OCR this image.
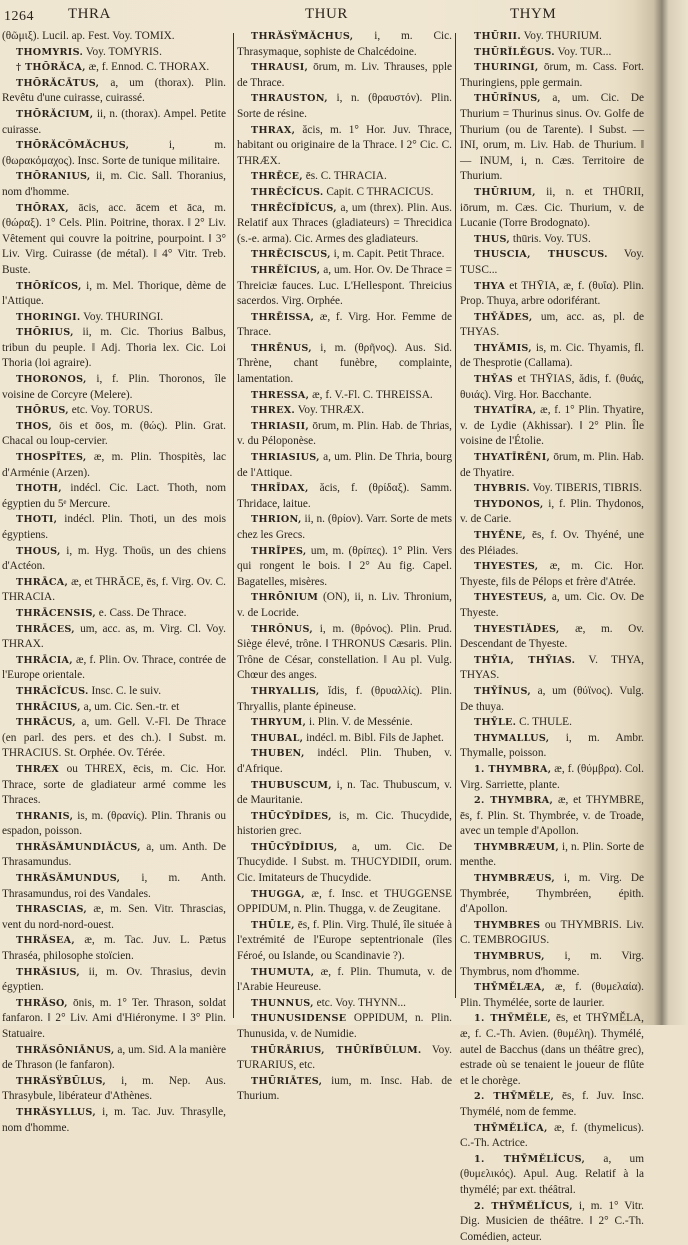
1264 THRA	THUR	THYM

(θῶμιξ). Lucil. ap. Fest. Voy. TOMIX.

THOMYRIS. Voy. TOMYRIS.

† THŌRĂCA, æ, f. Ennod. C. THORAX.

THŌRĂCĀTUS, a, um (thorax). Plin. Revêtu d'une cuirasse, cuirassé.

THŌRĂCIUM, ii, n. (thorax). Ampel. Petite cuirasse.

THŌRĂCŎMĂCHUS, i, m. (θωρακόμαχος). Insc. Sorte de tunique militaire.

THŌRANIUS, ii, m. Cic. Sall. Thoranius, nom d'homme.

THŌRAX, ācis, acc. ācem et āca, m. (θώραξ). 1° Cels. Plin. Poitrine, thorax. ‖ 2° Liv. Vêtement qui couvre la poitrine, pourpoint. ‖ 3° Liv. Virg. Cuirasse (de métal). ‖ 4° Vitr. Treb. Buste.

THŌRĬCOS, i, m. Mel. Thorique, dème de l'Attique.

THORINGI. Voy. THURINGI.

THŌRIUS, ii, m. Cic. Thorius Balbus, tribun du peuple. ‖ Adj. Thoria lex. Cic. Loi Thoria (loi agraire).

THORONOS, i, f. Plin. Thoronos, île voisine de Corcyre (Melere).

THŌRUS, etc. Voy. TORUS.

THOS, ōis et ōos, m. (θώς). Plin. Grat. Chacal ou loup-cervier.

THOSPĪTES, æ, m. Plin. Thospitès, lac d'Arménie (Arzen).

THOTH, indécl. Cic. Lact. Thoth, nom égyptien du 5ᵉ Mercure.

THOTI, indécl. Plin. Thoti, un des mois égyptiens.

THOUS, i, m. Hyg. Thoüs, un des chiens d'Actéon.

THRĀCA, æ, et THRĀCE, ēs, f. Virg. Ov. C. THRACIA.

THRĀCENSIS, e. Cass. De Thrace.

THRĀCES, um, acc. as, m. Virg. Cl. Voy. THRAX.

THRĀCIA, æ, f. Plin. Ov. Thrace, contrée de l'Europe orientale.

THRĀCĬCUS. Insc. C. le suiv.

THRĀCIUS, a, um. Cic. Sen.-tr. et

THRĀCUS, a, um. Gell. V.-Fl. De Thrace (en parl. des pers. et des ch.). ‖ Subst. m. THRACIUS. St. Orphée. Ov. Térée.

THRÆX ou THREX, ēcis, m. Cic. Hor. Thrace, sorte de gladiateur armé comme les Thraces.

THRANIS, is, m. (θρανίς). Plin. Thranis ou espadon, poisson.

THRĂSĂMUNDIĂCUS, a, um. Anth. De Thrasamundus.

THRĂSĂMUNDUS, i, m. Anth. Thrasamundus, roi des Vandales.

THRASCIAS, æ, m. Sen. Vitr. Thrascias, vent du nord-nord-ouest.

THRĂSEA, æ, m. Tac. Juv. L. Pætus Thraséa, philosophe stoïcien.

THRĂSIUS, ii, m. Ov. Thrasius, devin égyptien.

THRĂSO, ōnis, m. 1° Ter. Thrason, soldat fanfaron. ‖ 2° Liv. Ami d'Hiéronyme. ‖ 3° Plin. Statuaire.

THRĂSŌNIĀNUS, a, um. Sid. A la manière de Thrason (le fanfaron).

THRĂSŸBŪLUS, i, m. Nep. Aus. Thrasybule, libérateur d'Athènes.

THRĂSYLLUS, i, m. Tac. Juv. Thrasylle, nom d'homme.

THRĂSŸMĂCHUS, i, m. Cic. Thrasymaque, sophiste de Chalcédoine.

THRAUSI, ōrum, m. Liv. Thrauses, pple de Thrace.

THRAUSTON, i, n. (θραυστόν). Plin. Sorte de résine.

THRAX, ăcis, m. 1° Hor. Juv. Thrace, habitant ou originaire de la Thrace. ‖ 2° Cic. C. THRÆX.

THRĒCE, ēs. C. THRACIA.

THRĒCĬCUS. Capit. C THRACICUS.

THRĒCĬDĬCUS, a, um (threx). Plin. Aus. Relatif aux Thraces (gladiateurs) = Threcidica (s.-e. arma). Cic. Armes des gladiateurs.

THRĒCISCUS, i, m. Capit. Petit Thrace.

THRĒĬCIUS, a, um. Hor. Ov. De Thrace = Threiciæ fauces. Luc. L'Hellespont. Threicius sacerdos. Virg. Orphée.

THRĒISSA, æ, f. Virg. Hor. Femme de Thrace.

THRĒNUS, i, m. (θρῆνος). Aus. Sid. Thrène, chant funèbre, complainte, lamentation.

THRESSA, æ, f. V.-Fl. C. THREISSA.

THREX. Voy. THRÆX.

THRIASII, ōrum, m. Plin. Hab. de Thrias, v. du Péloponèse.

THRIASIUS, a, um. Plin. De Thria, bourg de l'Attique.

THRĪDAX, ăcis, f. (θρίδαξ). Samm. Thridace, laitue.

THRION, ii, n. (θρίον). Varr. Sorte de mets chez les Grecs.

THRĪPES, um, m. (θρίπες). 1° Plin. Vers qui rongent le bois. ‖ 2° Au fig. Capel. Bagatelles, misères.

THRŌNIUM (ON), ii, n. Liv. Thronium, v. de Locride.

THRŎNUS, i, m. (θρόνος). Plin. Prud. Siège élevé, trône. ‖ THRONUS Cæsaris. Plin. Trône de César, constellation. ‖ Au pl. Vulg. Chœur des anges.

THRYALLIS, ĭdis, f. (θρυαλλίς). Plin. Thryallis, plante épineuse.

THRYUM, i. Plin. V. de Messénie.

THUBAL, indécl. m. Bibl. Fils de Japhet.

THUBEN, indécl. Plin. Thuben, v. d'Afrique.

THUBUSCUM, i, n. Tac. Thubuscum, v. de Mauritanie.

THŪCȲDĪDES, is, m. Cic. Thucydide, historien grec.

THŪCȲDĪDIUS, a, um. Cic. De Thucydide. ‖ Subst. m. THUCYDIDII, orum. Cic. Imitateurs de Thucydide.

THUGGA, æ, f. Insc. et THUGGENSE OPPIDUM, n. Plin. Thugga, v. de Zeugitane.

THŪLE, ēs, f. Plin. Virg. Thulé, île située à l'extrémité de l'Europe septentrionale (îles Féroé, ou Islande, ou Scandinavie ?).

THUMUTA, æ, f. Plin. Thumuta, v. de l'Arabie Heureuse.

THUNNUS, etc. Voy. THYNN...

THUNUSIDENSE OPPIDUM, n. Plin. Thunusida, v. de Numidie.

THŪRĀRIUS, THŪRĬBŬLUM. Voy. TURARIUS, etc.

THŪRIĀTES, ium, m. Insc. Hab. de Thurium.

THŪRII. Voy. THURIUM.

THŪRĬLĔGUS. Voy. TUR...

THURINGI, ōrum, m. Cass. Fort. Thuringiens, pple germain.

THŪRĪNUS, a, um. Cic. De Thurium = Thurinus sinus. Ov. Golfe de Thurium (ou de Tarente). ‖ Subst. — INI, orum, m. Liv. Hab. de Thurium. ‖ — INUM, i, n. Cæs. Territoire de Thurium.

THŪRIUM, ii, n. et THŪRII, iōrum, m. Cæs. Cic. Thurium, v. de Lucanie (Torre Brodognato).

THUS, thūris. Voy. TUS.

THUSCIA, THUSCUS. Voy. TUSC...

THYA et THȲIA, æ, f. (θυΐα). Plin. Prop. Thuya, arbre odoriférant.

THȲĂDES, um, acc. as, pl. de THYAS.

THYĂMIS, is, m. Cic. Thyamis, fl. de Thesprotie (Callama).

THȲAS et THȲIAS, ădis, f. (θυάς, θυιάς). Virg. Hor. Bacchante.

THYATĪRA, æ, f. 1° Plin. Thyatire, v. de Lydie (Akhissar). ‖ 2° Plin. Île voisine de l'Étolie.

THYATĪRĒNI, ōrum, m. Plin. Hab. de Thyatire.

THYBRIS. Voy. TIBERIS, TIBRIS.

THYDONOS, i, f. Plin. Thydonos, v. de Carie.

THYĒNE, ēs, f. Ov. Thyéné, une des Pléiades.

THYESTES, æ, m. Cic. Hor. Thyeste, fils de Pélops et frère d'Atrée.

THYESTEUS, a, um. Cic. Ov. De Thyeste.

THYESTIĂDES, æ, m. Ov. Descendant de Thyeste.

THȲIA, THȲIAS. V. THYA, THYAS.

THȲĪNUS, a, um (θύϊνος). Vulg. De thuya.

THȲLE. C. THULE.

THYMALLUS, i, m. Ambr. Thymalle, poisson.

1. THYMBRA, æ, f. (θύμβρα). Col. Virg. Sarriette, plante.

2. THYMBRA, æ, et THYMBRE, ēs, f. Plin. St. Thymbrée, v. de Troade, avec un temple d'Apollon.

THYMBRÆUM, i, n. Plin. Sorte de menthe.

THYMBRÆUS, i, m. Virg. De Thymbrée, Thymbréen, épith. d'Apollon.

THYMBRES ou THYMBRIS. Liv. C. TEMBROGIUS.

THYMBRUS, i, m. Virg. Thymbrus, nom d'homme.

THȲMĔLÆA, æ, f. (θυμελαία). Plin. Thymélée, sorte de laurier.

1. THȲMĔLE, ēs, et THȲMĔLA, æ, f. C.-Th. Avien. (θυμέλη). Thymélé, autel de Bacchus (dans un théâtre grec), estrade où se tenaient le joueur de flûte et le chorège.

2. THȲMĔLE, ēs, f. Juv. Insc. Thymélé, nom de femme.

THȲMĔLĬCA, æ, f. (thymelicus). C.-Th. Actrice.

1. THȲMĔLĬCUS, a, um (θυμελικός). Apul. Aug. Relatif à la thymélé; par ext. théâtral.

2. THȲMĔLĬCUS, i, m. 1° Vitr. Dig. Musicien de théâtre. ‖ 2° C.-Th. Comédien, acteur.
